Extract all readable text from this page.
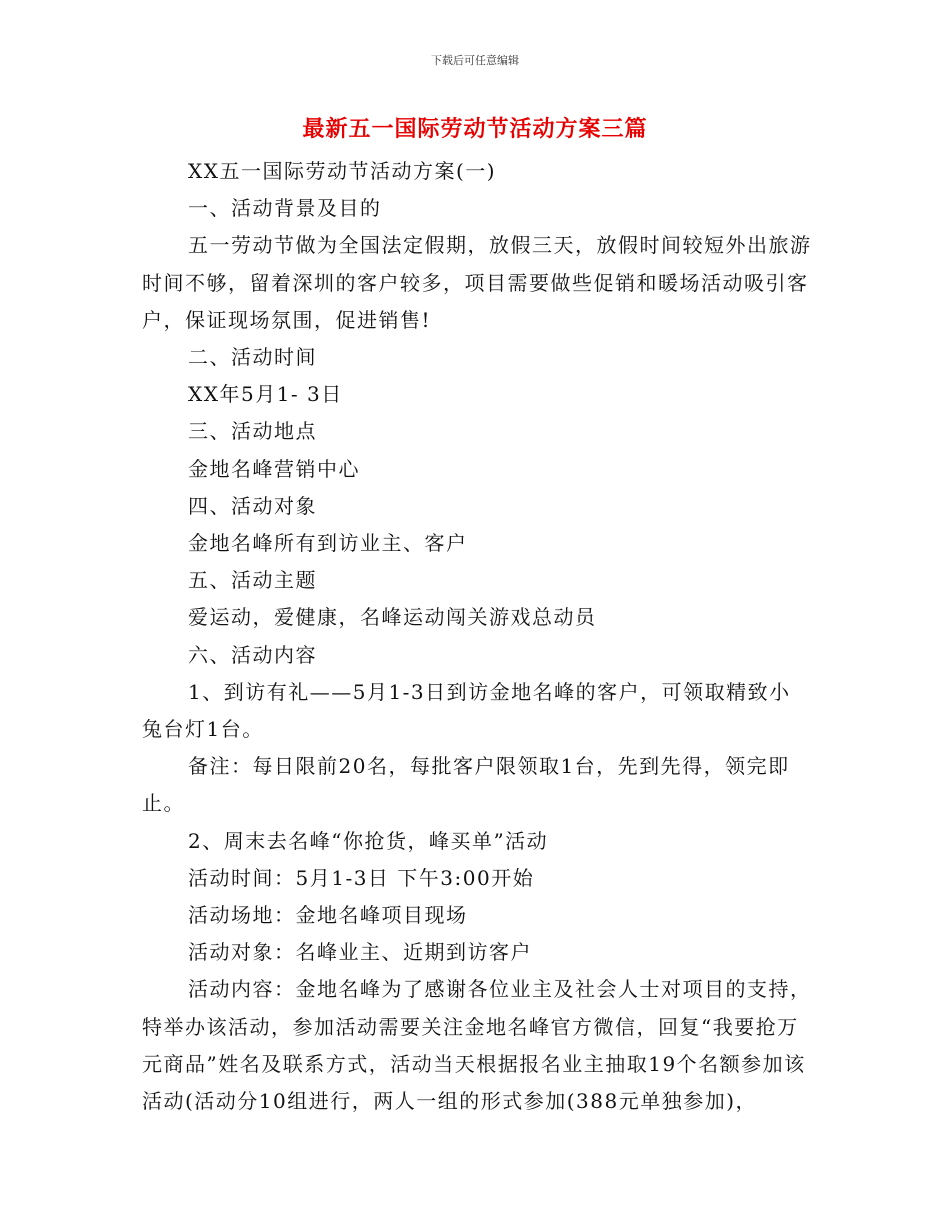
下载后可任意编辑
最新五一国际劳动节活动方案三篇

XX五一国际劳动节活动方案(一)

一、活动背景及目的

五一劳动节做为全国法定假期，放假三天，放假时间较短外出旅游时间不够，留着深圳的客户较多，项目需要做些促销和暖场活动吸引客户，保证现场氛围，促进销售!

二、活动时间

XX年5月1- 3日

三、活动地点

金地名峰营销中心

四、活动对象

金地名峰所有到访业主、客户

五、活动主题

爱运动，爱健康，名峰运动闯关游戏总动员

六、活动内容

1、到访有礼——5月1-3日到访金地名峰的客户，可领取精致小兔台灯1台。

备注：每日限前20名，每批客户限领取1台，先到先得，领完即止。

2、周末去名峰“你抢货，峰买单”活动

活动时间：5月1-3日 下午3:00开始

活动场地：金地名峰项目现场

活动对象：名峰业主、近期到访客户

活动内容：金地名峰为了感谢各位业主及社会人士对项目的支持，特举办该活动，参加活动需要关注金地名峰官方微信，回复“我要抢万元商品”姓名及联系方式，活动当天根据报名业主抽取19个名额参加该活动(活动分10组进行，两人一组的形式参加(388元单独参加)，
